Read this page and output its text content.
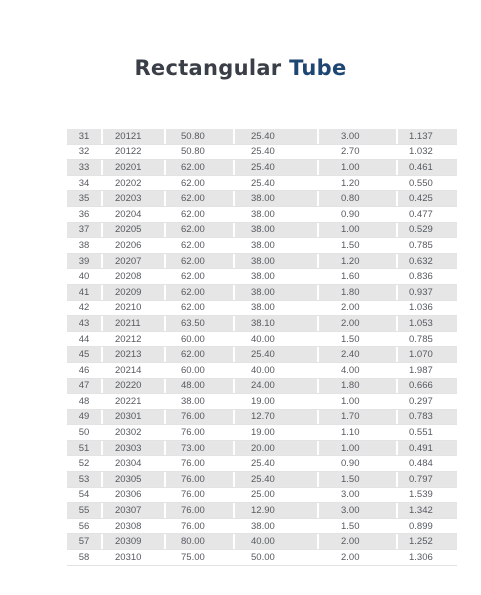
Rectangular Tube
31		20121		50.80		25.40		3.00		1.137
32		20122		50.80		25.40		2.70		1.032
33		20201		62.00		25.40		1.00		0.461
34		20202		62.00		25.40		1.20		0.550
35		20203		62.00		38.00		0.80		0.425
36		20204		62.00		38.00		0.90		0.477
37		20205		62.00		38.00		1.00		0.529
38		20206		62.00		38.00		1.50		0.785
39		20207		62.00		38.00		1.20		0.632
40		20208		62.00		38.00		1.60		0.836
41		20209		62.00		38.00		1.80		0.937
42		20210		62.00		38.00		2.00		1.036
43		20211		63.50		38.10		2.00		1.053
44		20212		60.00		40.00		1.50		0.785
45		20213		62.00		25.40		2.40		1.070
46		20214		60.00		40.00		4.00		1.987
47		20220		48.00		24.00		1.80		0.666
48		20221		38.00		19.00		1.00		0.297
49		20301		76.00		12.70		1.70		0.783
50		20302		76.00		19.00		1.10		0.551
51		20303		73.00		20.00		1.00		0.491
52		20304		76.00		25.40		0.90		0.484
53		20305		76.00		25.40		1.50		0.797
54		20306		76.00		25.00		3.00		1.539
55		20307		76.00		12.90		3.00		1.342
56		20308		76.00		38.00		1.50		0.899
57		20309		80.00		40.00		2.00		1.252
58		20310		75.00		50.00		2.00		1.306
